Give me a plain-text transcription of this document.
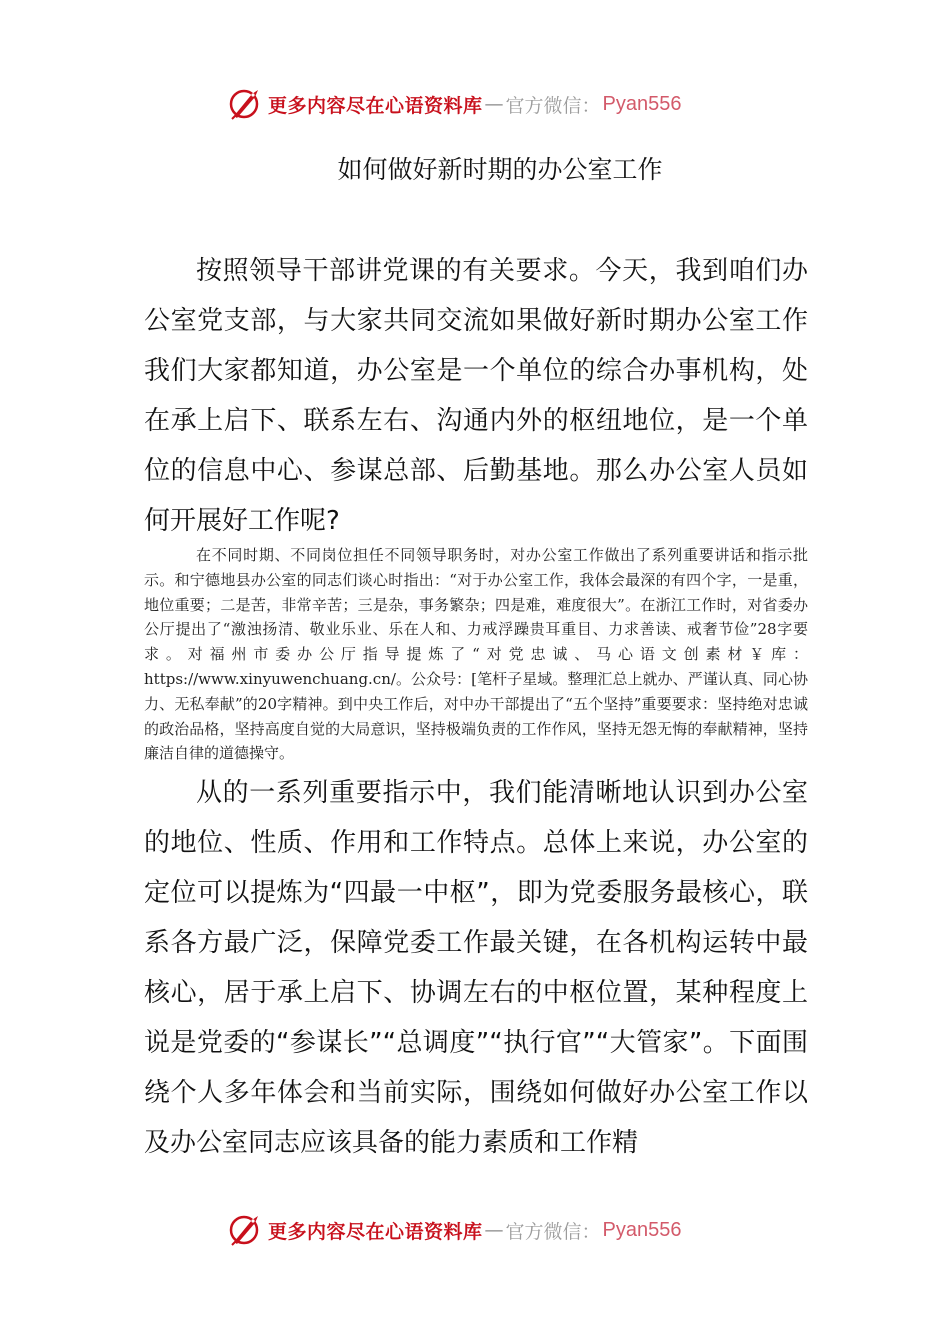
更多内容尽在心语资料库 — 官方微信： Pyan556
如何做好新时期的办公室工作

按照领导干部讲党课的有关要求。今天，我到咱们办公室党支部，与大家共同交流如果做好新时期办公室工作我们大家都知道，办公室是一个单位的综合办事机构，处在承上启下、联系左右、沟通内外的枢纽地位，是一个单位的信息中心、参谋总部、后勤基地。那么办公室人员如何开展好工作呢?

在不同时期、不同岗位担任不同领导职务时，对办公室工作做出了系列重要讲话和指示批示。和宁德地县办公室的同志们谈心时指出：“对于办公室工作，我体会最深的有四个字，一是重，地位重要；二是苦，非常辛苦；三是杂，事务繁杂；四是难，难度很大”。在浙江工作时，对省委办公厅提出了“激浊扬清、敬业乐业、乐在人和、力戒浮躁贵耳重目、力求善读、戒奢节俭”28字要求。对福州市委办公厅指导提炼了“对党忠诚、马心语文创素材￥库：https://www.xinyuwenchuang.cn/。公众号：[笔杆子星域。整理汇总上就办、严谨认真、同心协力、无私奉献”的20字精神。到中央工作后，对中办干部提出了“五个坚持”重要要求：坚持绝对忠诚的政治品格，坚持高度自觉的大局意识，坚持极端负责的工作作风，坚持无怨无悔的奉献精神，坚持廉洁自律的道德操守。

从的一系列重要指示中，我们能清晰地认识到办公室的地位、性质、作用和工作特点。总体上来说，办公室的定位可以提炼为“四最一中枢”，即为党委服务最核心，联系各方最广泛，保障党委工作最关键，在各机构运转中最核心，居于承上启下、协调左右的中枢位置，某种程度上说是党委的“参谋长”“总调度”“执行官”“大管家”。下面围绕个人多年体会和当前实际，围绕如何做好办公室工作以及办公室同志应该具备的能力素质和工作精

更多内容尽在心语资料库 — 官方微信： Pyan556
